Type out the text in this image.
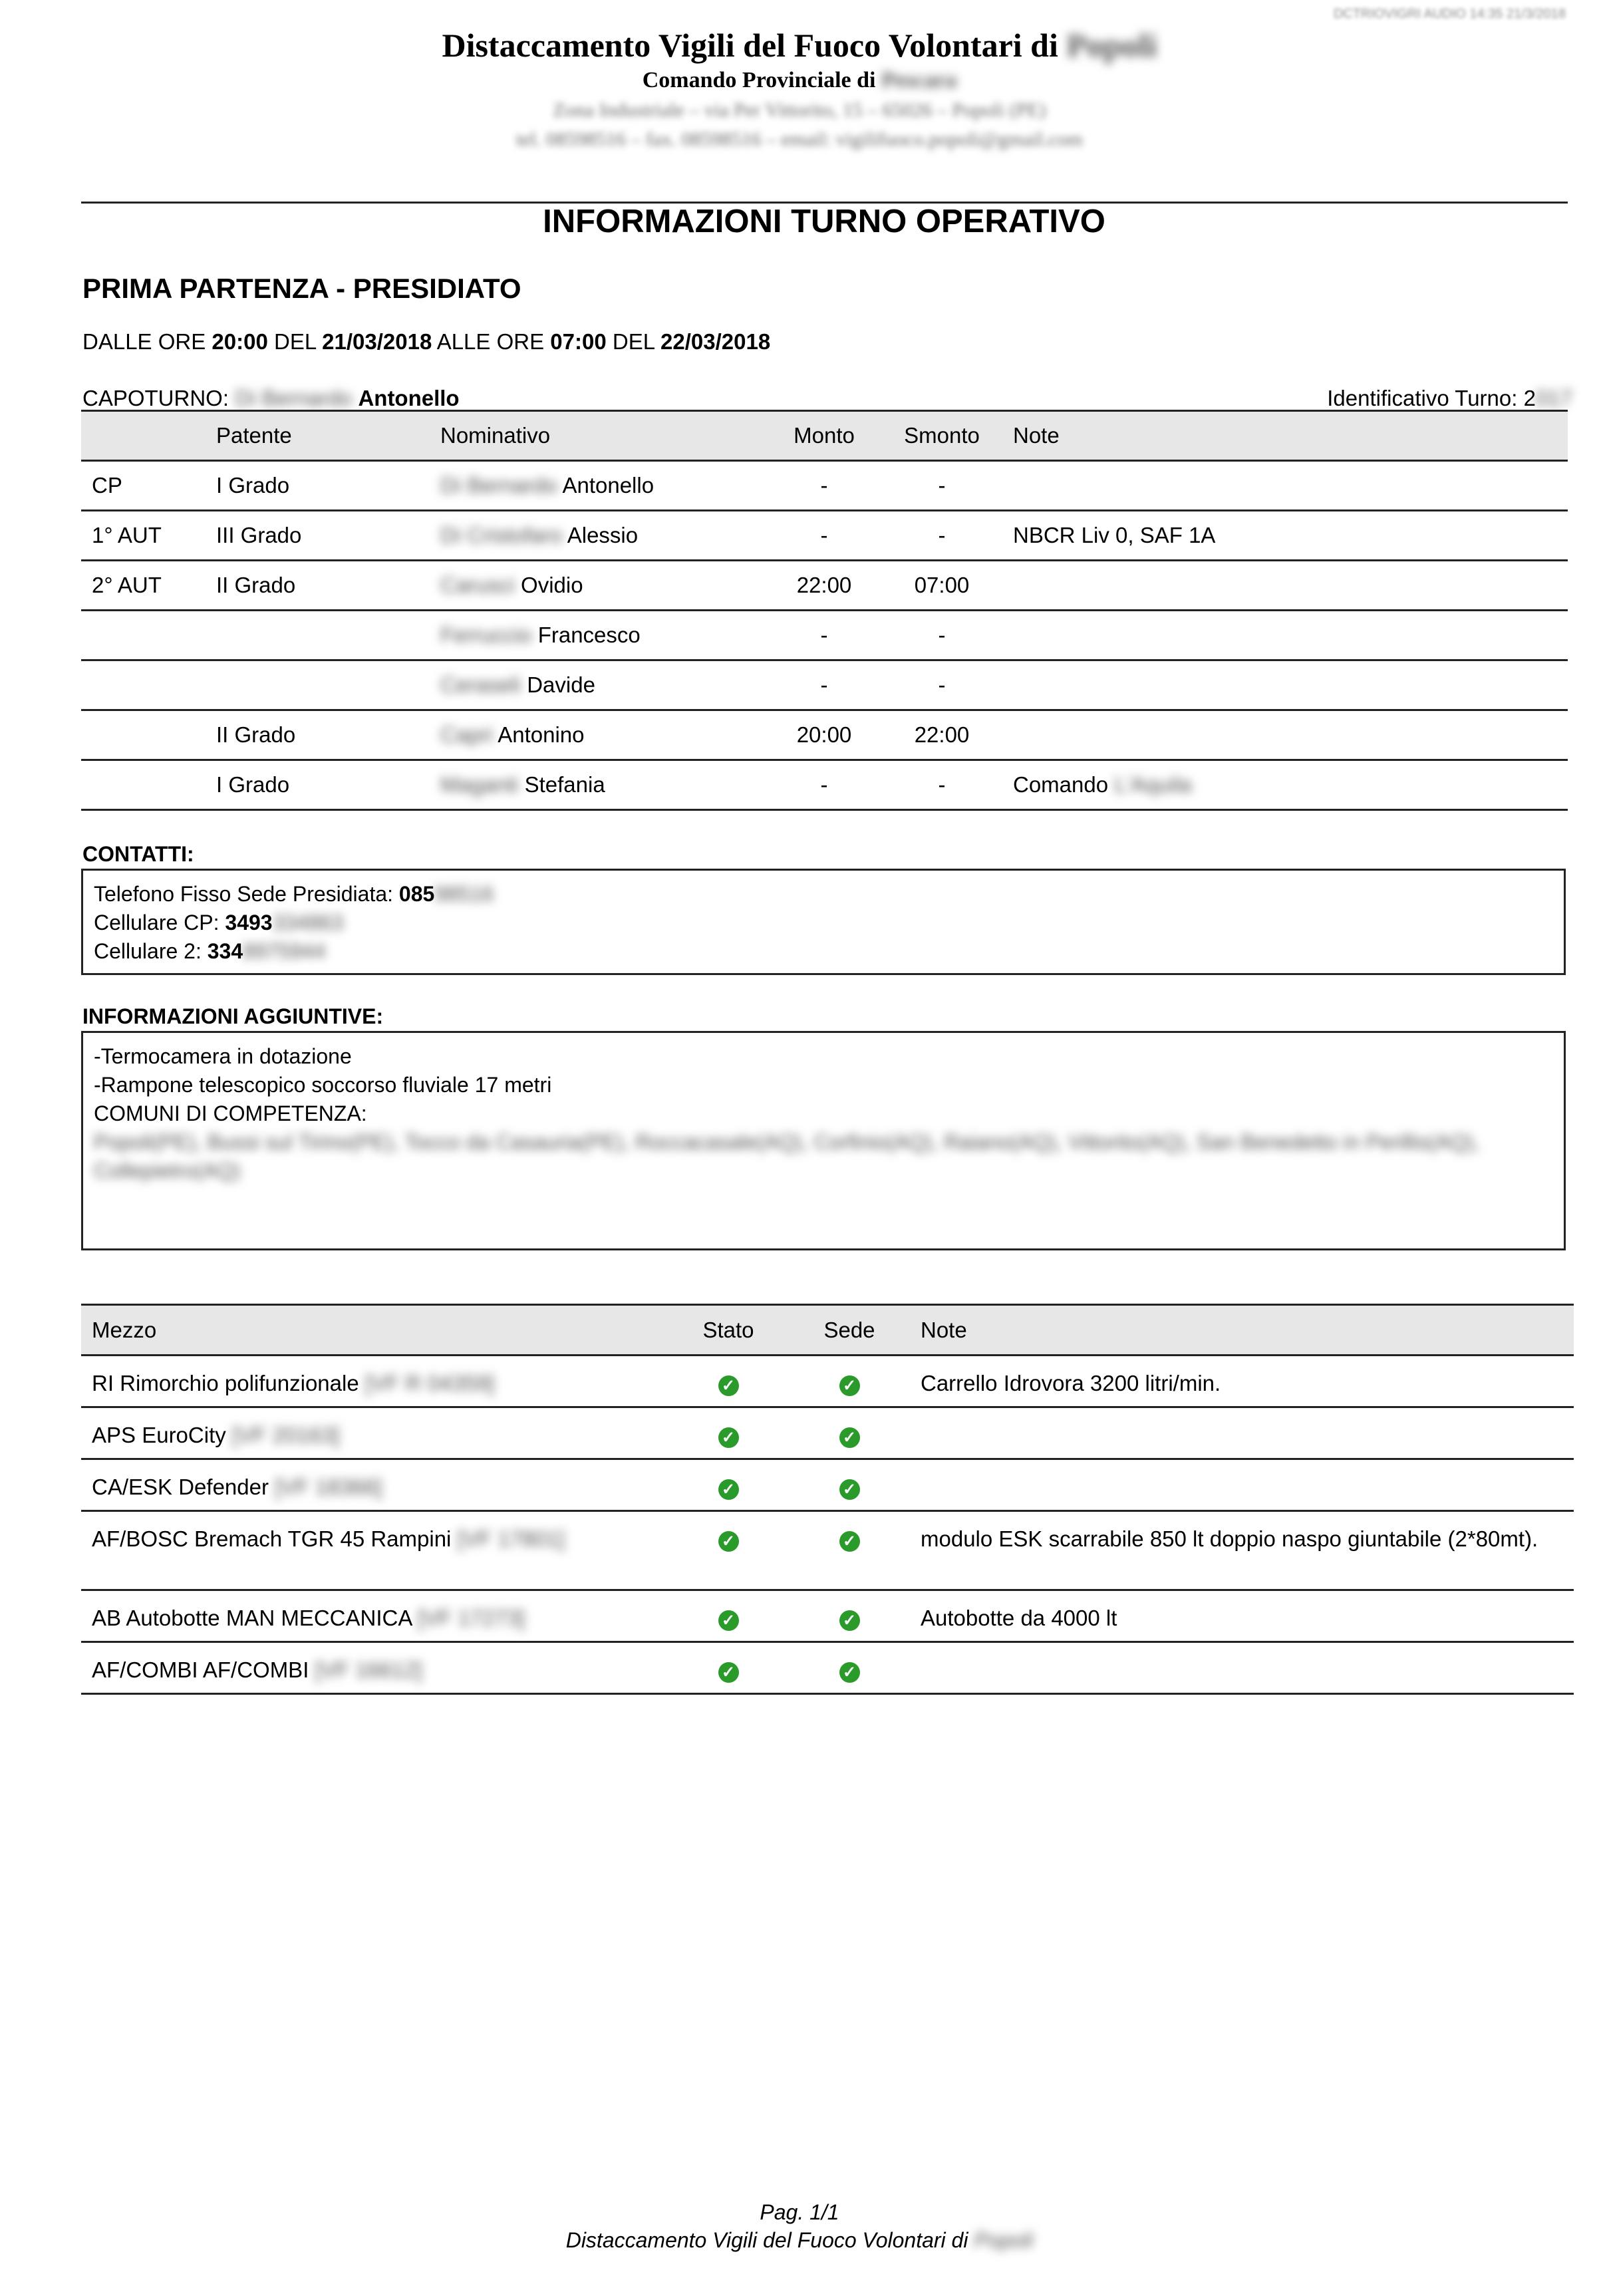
DCTRIOVIGRI AUDIO 14:35 21/3/2018
Distaccamento Vigili del Fuoco Volontari di Popoli
Comando Provinciale di Pescara
Zona Industriale – via Per Vittorito, 15 – 65026 – Popoli (PE)
tel. 08598516 – fax. 08598516 – email: vigilifuoco.popoli@gmail.com
INFORMAZIONI TURNO OPERATIVO
PRIMA PARTENZA - PRESIDIATO
DALLE ORE 20:00 DEL 21/03/2018 ALLE ORE 07:00 DEL 22/03/2018
CAPOTURNO: Di Bernardo Antonello	Identificativo Turno: 2017
	Patente	Nominativo	Monto	Smonto	Note
CP	I Grado	Di Bernardo Antonello	-	-	
1° AUT	III Grado	Di Cristofaro Alessio	-	-	NBCR Liv 0, SAF 1A
2° AUT	II Grado	Carusci Ovidio	22:00	07:00	
		Ferruccio Francesco	-	-	
		Ceraseli Davide	-	-	
	II Grado	Capri Antonino	20:00	22:00	
	I Grado	Maganti Stefania	-	-	Comando L'Aquila
CONTATTI:
Telefono Fisso Sede Presidiata: 08598516
Cellulare CP: 3493334863
Cellulare 2: 3348975944
INFORMAZIONI AGGIUNTIVE:
-Termocamera in dotazione
-Rampone telescopico soccorso fluviale 17 metri
COMUNI DI COMPETENZA:
Popoli(PE), Bussi sul Tirino(PE), Tocco da Casauria(PE), Roccacasale(AQ), Corfinio(AQ), Raiano(AQ), Vittorito(AQ), San Benedetto in Perillis(AQ), Collepietro(AQ)
Mezzo	Stato	Sede	Note
RI Rimorchio polifunzionale [VF R 04359]	✓	✓	Carrello Idrovora 3200 litri/min.
APS EuroCity [VF 20163]	✓	✓	
CA/ESK Defender [VF 18366]	✓	✓	
AF/BOSC Bremach TGR 45 Rampini [VF 17801]	✓	✓	modulo ESK scarrabile 850 lt doppio naspo giuntabile (2*80mt).
AB Autobotte MAN MECCANICA [VF 17273]	✓	✓	Autobotte da 4000 lt
AF/COMBI AF/COMBI [VF 16612]	✓	✓	
Pag. 1/1
Distaccamento Vigili del Fuoco Volontari di Popoli
